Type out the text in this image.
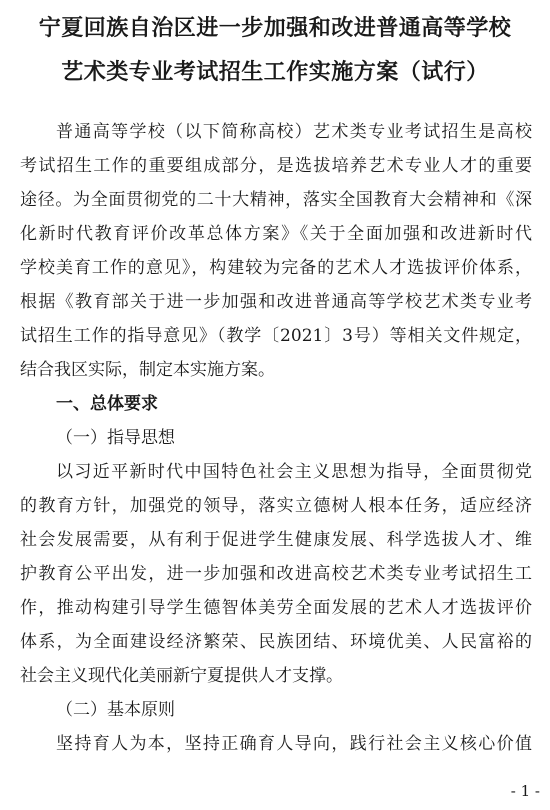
宁夏回族自治区进一步加强和改进普通高等学校
艺术类专业考试招生工作实施方案（试行）
普通高等学校（以下简称高校）艺术类专业考试招生是高校
考试招生工作的重要组成部分，是选拔培养艺术专业人才的重要
途径。为全面贯彻党的二十大精神，落实全国教育大会精神和《深
化新时代教育评价改革总体方案》《关于全面加强和改进新时代
学校美育工作的意见》，构建较为完备的艺术人才选拔评价体系，
根据《教育部关于进一步加强和改进普通高等学校艺术类专业考
试招生工作的指导意见》（教学〔2021〕3号）等相关文件规定，
结合我区实际，制定本实施方案。
一、总体要求
（一）指导思想
以习近平新时代中国特色社会主义思想为指导，全面贯彻党
的教育方针，加强党的领导，落实立德树人根本任务，适应经济
社会发展需要，从有利于促进学生健康发展、科学选拔人才、维
护教育公平出发，进一步加强和改进高校艺术类专业考试招生工
作，推动构建引导学生德智体美劳全面发展的艺术人才选拔评价
体系，为全面建设经济繁荣、民族团结、环境优美、人民富裕的
社会主义现代化美丽新宁夏提供人才支撑。
（二）基本原则
坚持育人为本，坚持正确育人导向，践行社会主义核心价值
- 1 -
